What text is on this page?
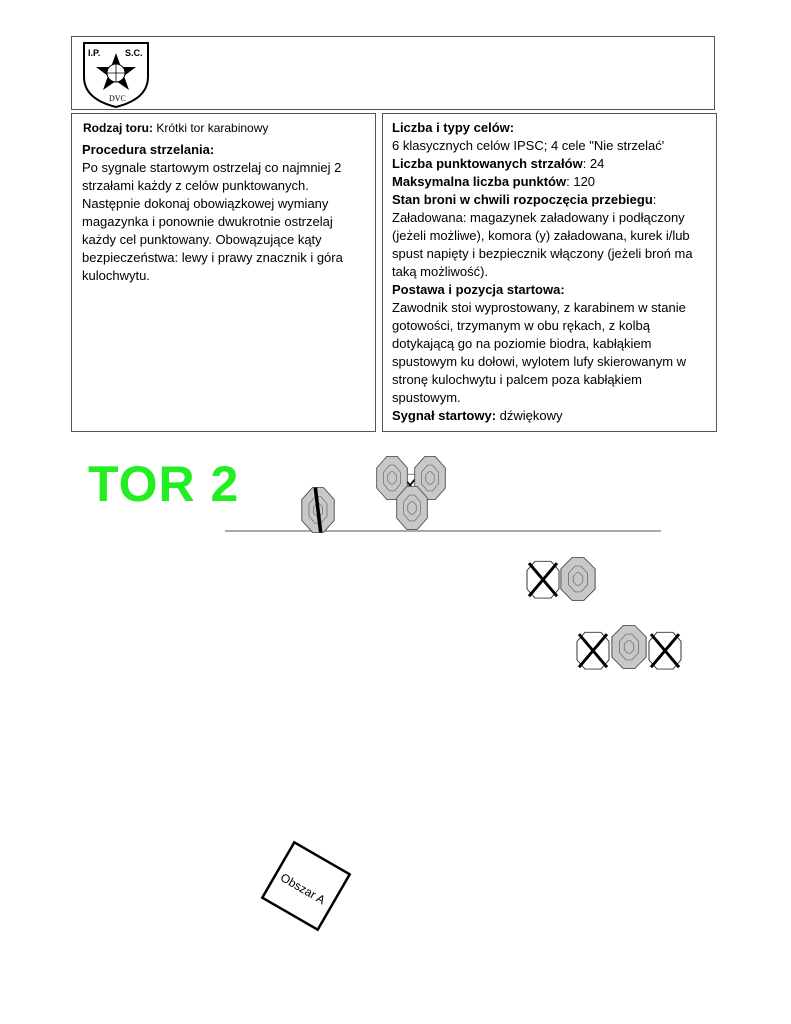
I.P.	S.C.
DVC

Rodzaj toru: Krótki tor karabinowy

Procedura strzelania:

Po sygnale startowym ostrzelaj co najmniej 2 strzałami każdy z celów punktowanych. Następnie dokonaj obowiązkowej wymiany magazynka i ponownie dwukrotnie ostrzelaj każdy cel punktowany. Obowązujące kąty bezpieczeństwa: lewy i prawy znacznik i góra kulochwytu.

Liczba i typy celów:

6 klasycznych celów IPSC; 4 cele "Nie strzelać'

Liczba punktowanych strzałów: 24

Maksymalna liczba punktów: 120

Stan broni w chwili rozpoczęcia przebiegu:

Załadowana: magazynek załadowany i podłączony (jeżeli możliwe), komora (y) załadowana, kurek i/lub spust napięty i bezpiecznik włączony (jeżeli broń ma taką możliwość).

Postawa i pozycja startowa:

Zawodnik stoi wyprostowany, z karabinem w stanie gotowości, trzymanym w obu rękach, z kolbą dotykającą go na poziomie biodra, kabłąkiem spustowym ku dołowi, wylotem lufy skierowanym w stronę kulochwytu i palcem poza kabłąkiem spustowym.

Sygnał startowy: dźwiękowy

TOR 2
Obszar A
